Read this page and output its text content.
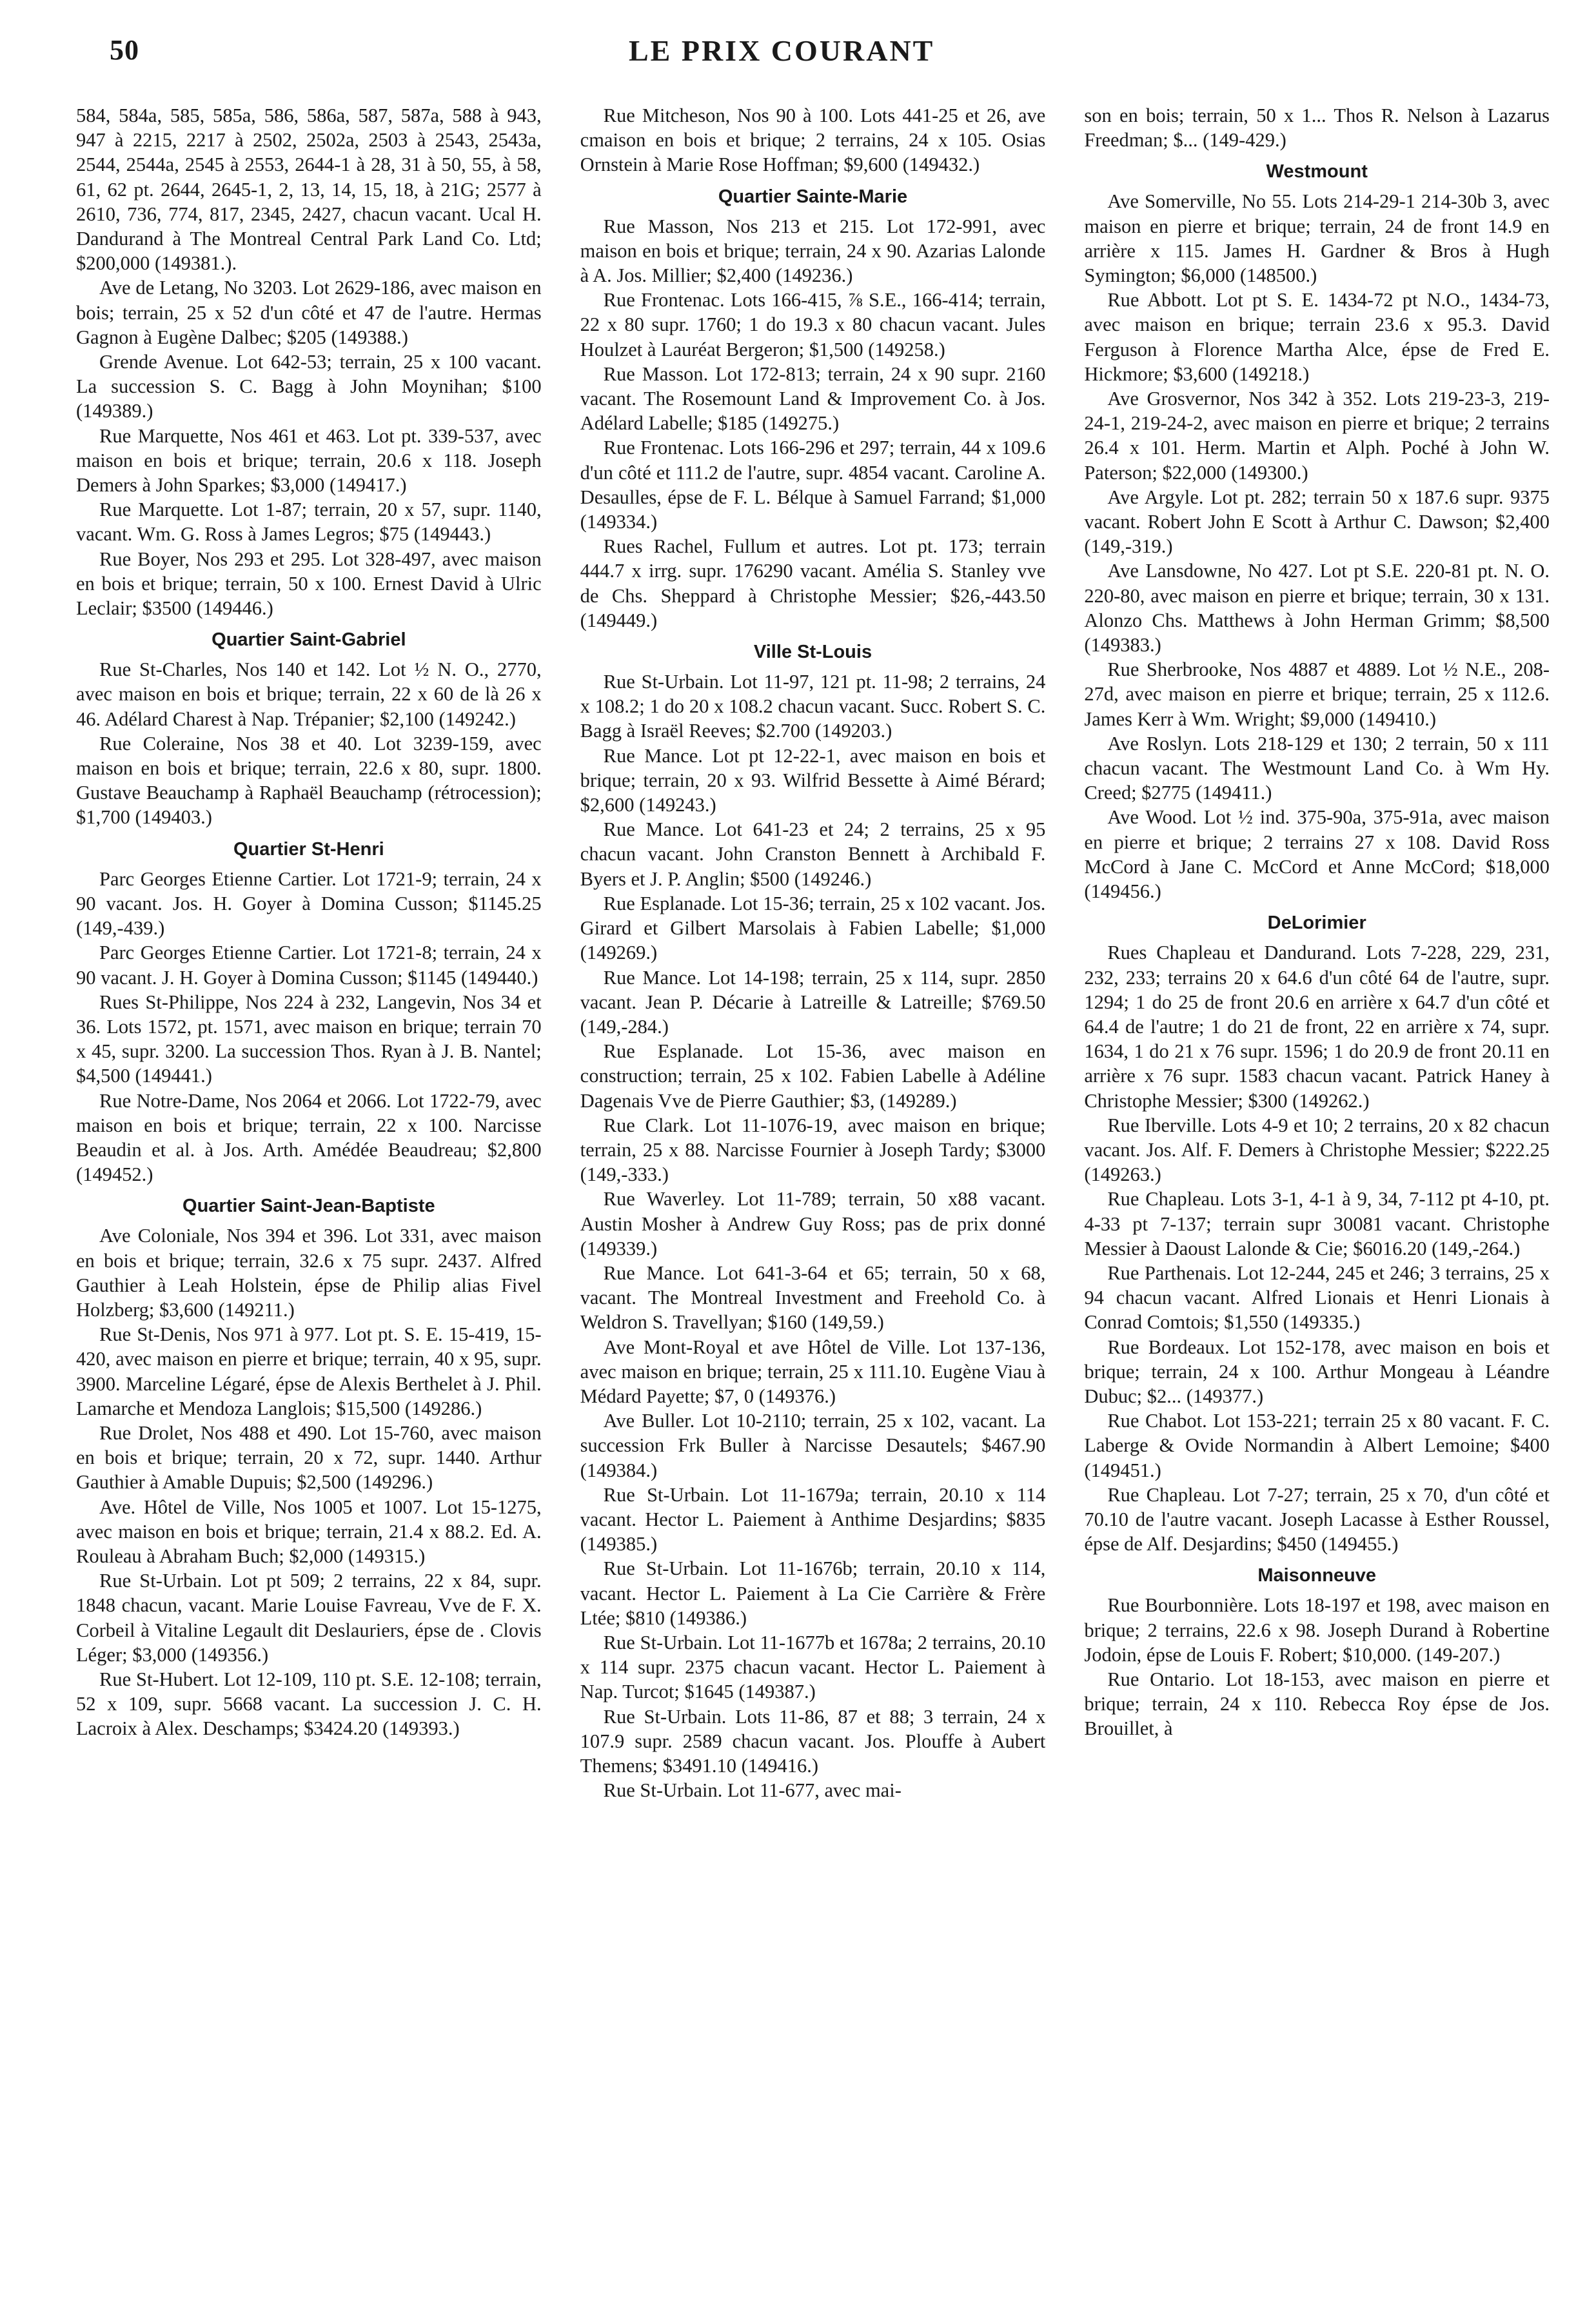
50	LE PRIX COURANT

584, 584a, 585, 585a, 586, 586a, 587, 587a, 588 à 943, 947 à 2215, 2217 à 2502, 2502a, 2503 à 2543, 2543a, 2544, 2544a, 2545 à 2553, 2644-1 à 28, 31 à 50, 55, à 58, 61, 62 pt. 2644, 2645-1, 2, 13, 14, 15, 18, à 21G; 2577 à 2610, 736, 774, 817, 2345, 2427, chacun vacant. Ucal H. Dandurand à The Montreal Central Park Land Co. Ltd; $200,000 (149381.).

Ave de Letang, No 3203. Lot 2629-186, avec maison en bois; terrain, 25 x 52 d'un côté et 47 de l'autre. Hermas Gagnon à Eugène Dalbec; $205 (149388.)

Grende Avenue. Lot 642-53; terrain, 25 x 100 vacant. La succession S. C. Bagg à John Moynihan; $100 (149389.)

Rue Marquette, Nos 461 et 463. Lot pt. 339-537, avec maison en bois et brique; terrain, 20.6 x 118. Joseph Demers à John Sparkes; $3,000 (149417.)

Rue Marquette. Lot 1-87; terrain, 20 x 57, supr. 1140, vacant. Wm. G. Ross à James Legros; $75 (149443.)

Rue Boyer, Nos 293 et 295. Lot 328-497, avec maison en bois et brique; terrain, 50 x 100. Ernest David à Ulric Leclair; $3500 (149446.)

Quartier Saint-Gabriel

Rue St-Charles, Nos 140 et 142. Lot ½ N. O., 2770, avec maison en bois et brique; terrain, 22 x 60 de là 26 x 46. Adélard Charest à Nap. Trépanier; $2,100 (149242.)

Rue Coleraine, Nos 38 et 40. Lot 3239-159, avec maison en bois et brique; terrain, 22.6 x 80, supr. 1800. Gustave Beauchamp à Raphaël Beauchamp (rétrocession); $1,700 (149403.)

Quartier St-Henri

Parc Georges Etienne Cartier. Lot 1721-9; terrain, 24 x 90 vacant. Jos. H. Goyer à Domina Cusson; $1145.25 (149,-439.)

Parc Georges Etienne Cartier. Lot 1721-8; terrain, 24 x 90 vacant. J. H. Goyer à Domina Cusson; $1145 (149440.)

Rues St-Philippe, Nos 224 à 232, Langevin, Nos 34 et 36. Lots 1572, pt. 1571, avec maison en brique; terrain 70 x 45, supr. 3200. La succession Thos. Ryan à J. B. Nantel; $4,500 (149441.)

Rue Notre-Dame, Nos 2064 et 2066. Lot 1722-79, avec maison en bois et brique; terrain, 22 x 100. Narcisse Beaudin et al. à Jos. Arth. Amédée Beaudreau; $2,800 (149452.)

Quartier Saint-Jean-Baptiste

Ave Coloniale, Nos 394 et 396. Lot 331, avec maison en bois et brique; terrain, 32.6 x 75 supr. 2437. Alfred Gauthier à Leah Holstein, épse de Philip alias Fivel Holzberg; $3,600 (149211.)

Rue St-Denis, Nos 971 à 977. Lot pt. S. E. 15-419, 15-420, avec maison en pierre et brique; terrain, 40 x 95, supr. 3900. Marceline Légaré, épse de Alexis Berthelet à J. Phil. Lamarche et Mendoza Langlois; $15,500 (149286.)

Rue Drolet, Nos 488 et 490. Lot 15-760, avec maison en bois et brique; terrain, 20 x 72, supr. 1440. Arthur Gauthier à Amable Dupuis; $2,500 (149296.)

Ave. Hôtel de Ville, Nos 1005 et 1007. Lot 15-1275, avec maison en bois et brique; terrain, 21.4 x 88.2. Ed. A. Rouleau à Abraham Buch; $2,000 (149315.)

Rue St-Urbain. Lot pt 509; 2 terrains, 22 x 84, supr. 1848 chacun, vacant. Marie Louise Favreau, Vve de F. X. Corbeil à Vitaline Legault dit Deslauriers, épse de . Clovis Léger; $3,000 (149356.)

Rue St-Hubert. Lot 12-109, 110 pt. S.E. 12-108; terrain, 52 x 109, supr. 5668 vacant. La succession J. C. H. Lacroix à Alex. Deschamps; $3424.20 (149393.)

Rue Mitcheson, Nos 90 à 100. Lots 441-25 et 26, ave cmaison en bois et brique; 2 terrains, 24 x 105. Osias Ornstein à Marie Rose Hoffman; $9,600 (149432.)

Quartier Sainte-Marie

Rue Masson, Nos 213 et 215. Lot 172-991, avec maison en bois et brique; terrain, 24 x 90. Azarias Lalonde à A. Jos. Millier; $2,400 (149236.)

Rue Frontenac. Lots 166-415, ⅞ S.E., 166-414; terrain, 22 x 80 supr. 1760; 1 do 19.3 x 80 chacun vacant. Jules Houlzet à Lauréat Bergeron; $1,500 (149258.)

Rue Masson. Lot 172-813; terrain, 24 x 90 supr. 2160 vacant. The Rosemount Land & Improvement Co. à Jos. Adélard Labelle; $185 (149275.)

Rue Frontenac. Lots 166-296 et 297; terrain, 44 x 109.6 d'un côté et 111.2 de l'autre, supr. 4854 vacant. Caroline A. Desaulles, épse de F. L. Bélque à Samuel Farrand; $1,000 (149334.)

Rues Rachel, Fullum et autres. Lot pt. 173; terrain 444.7 x irrg. supr. 176290 vacant. Amélia S. Stanley vve de Chs. Sheppard à Christophe Messier; $26,-443.50 (149449.)

Ville St-Louis

Rue St-Urbain. Lot 11-97, 121 pt. 11-98; 2 terrains, 24 x 108.2; 1 do 20 x 108.2 chacun vacant. Succ. Robert S. C. Bagg à Israël Reeves; $2.700 (149203.)

Rue Mance. Lot pt 12-22-1, avec maison en bois et brique; terrain, 20 x 93. Wilfrid Bessette à Aimé Bérard; $2,600 (149243.)

Rue Mance. Lot 641-23 et 24; 2 terrains, 25 x 95 chacun vacant. John Cranston Bennett à Archibald F. Byers et J. P. Anglin; $500 (149246.)

Rue Esplanade. Lot 15-36; terrain, 25 x 102 vacant. Jos. Girard et Gilbert Marsolais à Fabien Labelle; $1,000 (149269.)

Rue Mance. Lot 14-198; terrain, 25 x 114, supr. 2850 vacant. Jean P. Décarie à Latreille & Latreille; $769.50 (149,-284.)

Rue Esplanade. Lot 15-36, avec maison en construction; terrain, 25 x 102. Fabien Labelle à Adéline Dagenais Vve de Pierre Gauthier; $3, (149289.)

Rue Clark. Lot 11-1076-19, avec maison en brique; terrain, 25 x 88. Narcisse Fournier à Joseph Tardy; $3000 (149,-333.)

Rue Waverley. Lot 11-789; terrain, 50 x88 vacant. Austin Mosher à Andrew Guy Ross; pas de prix donné (149339.)

Rue Mance. Lot 641-3-64 et 65; terrain, 50 x 68, vacant. The Montreal Investment and Freehold Co. à Weldron S. Travellyan; $160 (149,59.)

Ave Mont-Royal et ave Hôtel de Ville. Lot 137-136, avec maison en brique; terrain, 25 x 111.10. Eugène Viau à Médard Payette; $7, 0 (149376.)

Ave Buller. Lot 10-2110; terrain, 25 x 102, vacant. La succession Frk Buller à Narcisse Desautels; $467.90 (149384.)

Rue St-Urbain. Lot 11-1679a; terrain, 20.10 x 114 vacant. Hector L. Paiement à Anthime Desjardins; $835 (149385.)

Rue St-Urbain. Lot 11-1676b; terrain, 20.10 x 114, vacant. Hector L. Paiement à La Cie Carrière & Frère Ltée; $810 (149386.)

Rue St-Urbain. Lot 11-1677b et 1678a; 2 terrains, 20.10 x 114 supr. 2375 chacun vacant. Hector L. Paiement à Nap. Turcot; $1645 (149387.)

Rue St-Urbain. Lots 11-86, 87 et 88; 3 terrain, 24 x 107.9 supr. 2589 chacun vacant. Jos. Plouffe à Aubert Themens; $3491.10 (149416.)

Rue St-Urbain. Lot 11-677, avec mai-

son en bois; terrain, 50 x 1... Thos R. Nelson à Lazarus Freedman; $... (149-429.)

Westmount

Ave Somerville, No 55. Lots 214-29-1 214-30b 3, avec maison en pierre et brique; terrain, 24 de front 14.9 en arrière x 115. James H. Gardner & Bros à Hugh Symington; $6,000 (148500.)

Rue Abbott. Lot pt S. E. 1434-72 pt N.O., 1434-73, avec maison en brique; terrain 23.6 x 95.3. David Ferguson à Florence Martha Alce, épse de Fred E. Hickmore; $3,600 (149218.)

Ave Grosvernor, Nos 342 à 352. Lots 219-23-3, 219-24-1, 219-24-2, avec maison en pierre et brique; 2 terrains 26.4 x 101. Herm. Martin et Alph. Poché à John W. Paterson; $22,000 (149300.)

Ave Argyle. Lot pt. 282; terrain 50 x 187.6 supr. 9375 vacant. Robert John E Scott à Arthur C. Dawson; $2,400 (149,-319.)

Ave Lansdowne, No 427. Lot pt S.E. 220-81 pt. N. O. 220-80, avec maison en pierre et brique; terrain, 30 x 131. Alonzo Chs. Matthews à John Herman Grimm; $8,500 (149383.)

Rue Sherbrooke, Nos 4887 et 4889. Lot ½ N.E., 208-27d, avec maison en pierre et brique; terrain, 25 x 112.6. James Kerr à Wm. Wright; $9,000 (149410.)

Ave Roslyn. Lots 218-129 et 130; 2 terrain, 50 x 111 chacun vacant. The Westmount Land Co. à Wm Hy. Creed; $2775 (149411.)

Ave Wood. Lot ½ ind. 375-90a, 375-91a, avec maison en pierre et brique; 2 terrains 27 x 108. David Ross McCord à Jane C. McCord et Anne McCord; $18,000 (149456.)

DeLorimier

Rues Chapleau et Dandurand. Lots 7-228, 229, 231, 232, 233; terrains 20 x 64.6 d'un côté 64 de l'autre, supr. 1294; 1 do 25 de front 20.6 en arrière x 64.7 d'un côté et 64.4 de l'autre; 1 do 21 de front, 22 en arrière x 74, supr. 1634, 1 do 21 x 76 supr. 1596; 1 do 20.9 de front 20.11 en arrière x 76 supr. 1583 chacun vacant. Patrick Haney à Christophe Messier; $300 (149262.)

Rue Iberville. Lots 4-9 et 10; 2 terrains, 20 x 82 chacun vacant. Jos. Alf. F. Demers à Christophe Messier; $222.25 (149263.)

Rue Chapleau. Lots 3-1, 4-1 à 9, 34, 7-112 pt 4-10, pt. 4-33 pt 7-137; terrain supr 30081 vacant. Christophe Messier à Daoust Lalonde & Cie; $6016.20 (149,-264.)

Rue Parthenais. Lot 12-244, 245 et 246; 3 terrains, 25 x 94 chacun vacant. Alfred Lionais et Henri Lionais à Conrad Comtois; $1,550 (149335.)

Rue Bordeaux. Lot 152-178, avec maison en bois et brique; terrain, 24 x 100. Arthur Mongeau à Léandre Dubuc; $2... (149377.)

Rue Chabot. Lot 153-221; terrain 25 x 80 vacant. F. C. Laberge & Ovide Normandin à Albert Lemoine; $400 (149451.)

Rue Chapleau. Lot 7-27; terrain, 25 x 70, d'un côté et 70.10 de l'autre vacant. Joseph Lacasse à Esther Roussel, épse de Alf. Desjardins; $450 (149455.)

Maisonneuve

Rue Bourbonnière. Lots 18-197 et 198, avec maison en brique; 2 terrains, 22.6 x 98. Joseph Durand à Robertine Jodoin, épse de Louis F. Robert; $10,000. (149-207.)

Rue Ontario. Lot 18-153, avec maison en pierre et brique; terrain, 24 x 110. Rebecca Roy épse de Jos. Brouillet, à
